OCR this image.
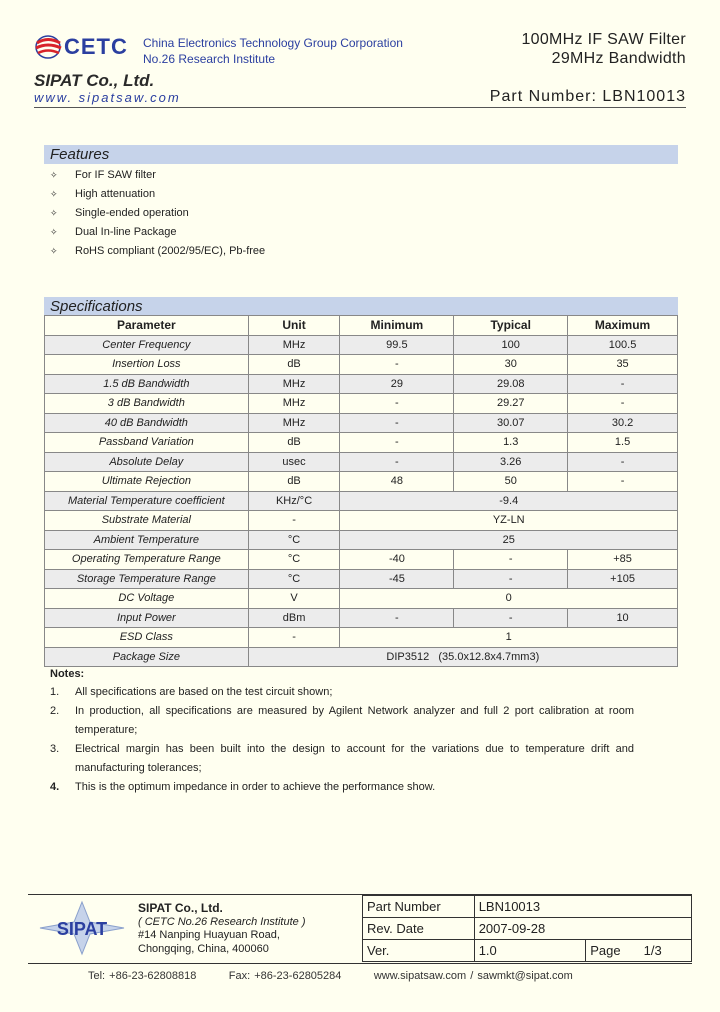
CETC China Electronics Technology Group Corporation
No.26 Research Institute
100MHz IF SAW Filter
29MHz Bandwidth
SIPAT Co., Ltd.
www. sipatsaw.com	Part Number: LBN10013
Features
✧	For IF SAW filter
✧	High attenuation
✧	Single-ended operation
✧	Dual In-line Package
✧	RoHS compliant (2002/95/EC), Pb-free
Specifications
Parameter	Unit	Minimum	Typical	Maximum
Center Frequency	MHz	99.5	100	100.5
Insertion Loss	dB	-	30	35
1.5 dB Bandwidth	MHz	29	29.08	-
3 dB Bandwidth	MHz	-	29.27	-
40 dB Bandwidth	MHz	-	30.07	30.2
Passband Variation	dB	-	1.3	1.5
Absolute Delay	usec	-	3.26	-
Ultimate Rejection	dB	48	50	-
Material Temperature coefficient	KHz/°C	-9.4		
Substrate Material	-	YZ-LN		
Ambient Temperature	°C	25		
Operating Temperature Range	°C	-40	-	+85
Storage Temperature Range	°C	-45	-	+105
DC Voltage	V	0		
Input Power	dBm	-	-	10
ESD Class	-	1		
Package Size	DIP3512   (35.0x12.8x4.7mm3)			
Notes:
1.	All specifications are based on the test circuit shown;
2.	In production, all specifications are measured by Agilent Network analyzer and full 2 port calibration at room temperature;
3.	Electrical margin has been built into the design to account for the variations due to temperature drift and manufacturing tolerances;
4.	This is the optimum impedance in order to achieve the performance show.
SIPAT
SIPAT Co., Ltd.
( CETC No.26 Research Institute )
#14 Nanping Huayuan Road,
Chongqing, China, 400060
Part Number	LBN10013		
Rev. Date	2007-09-28		
Ver.	1.0	Page	1/3
Tel: +86-23-62808818        Fax: +86-23-62805284        www.sipatsaw.com / sawmkt@sipat.com
